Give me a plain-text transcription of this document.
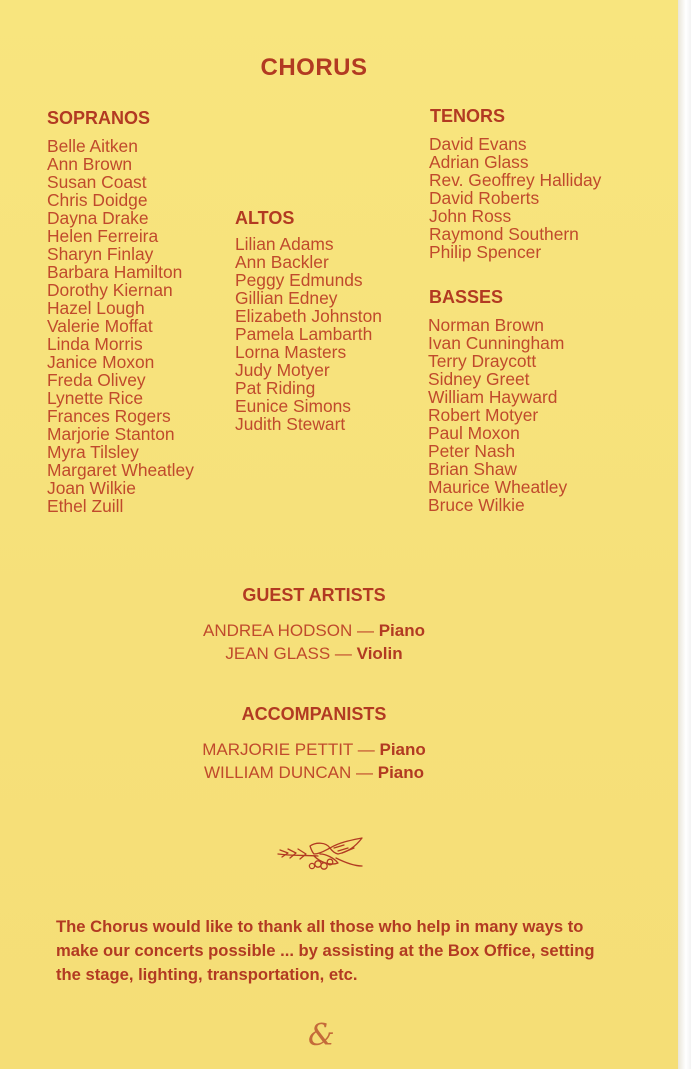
CHORUS
SOPRANOS
Belle Aitken
Ann Brown
Susan Coast
Chris Doidge
Dayna Drake
Helen Ferreira
Sharyn Finlay
Barbara Hamilton
Dorothy Kiernan
Hazel Lough
Valerie Moffat
Linda Morris
Janice Moxon
Freda Olivey
Lynette Rice
Frances Rogers
Marjorie Stanton
Myra Tilsley
Margaret Wheatley
Joan Wilkie
Ethel Zuill
ALTOS
Lilian Adams
Ann Backler
Peggy Edmunds
Gillian Edney
Elizabeth Johnston
Pamela Lambarth
Lorna Masters
Judy Motyer
Pat Riding
Eunice Simons
Judith Stewart
TENORS
David Evans
Adrian Glass
Rev. Geoffrey Halliday
David Roberts
John Ross
Raymond Southern
Philip Spencer
BASSES
Norman Brown
Ivan Cunningham
Terry Draycott
Sidney Greet
William Hayward
Robert Motyer
Paul Moxon
Peter Nash
Brian Shaw
Maurice Wheatley
Bruce Wilkie
GUEST ARTISTS
ANDREA HODSON — Piano
JEAN GLASS — Violin
ACCOMPANISTS
MARJORIE PETTIT — Piano
WILLIAM DUNCAN — Piano
The Chorus would like to thank all those who help in many ways to make our concerts possible ... by assisting at the Box Office, setting the stage, lighting, transportation, etc.
&
